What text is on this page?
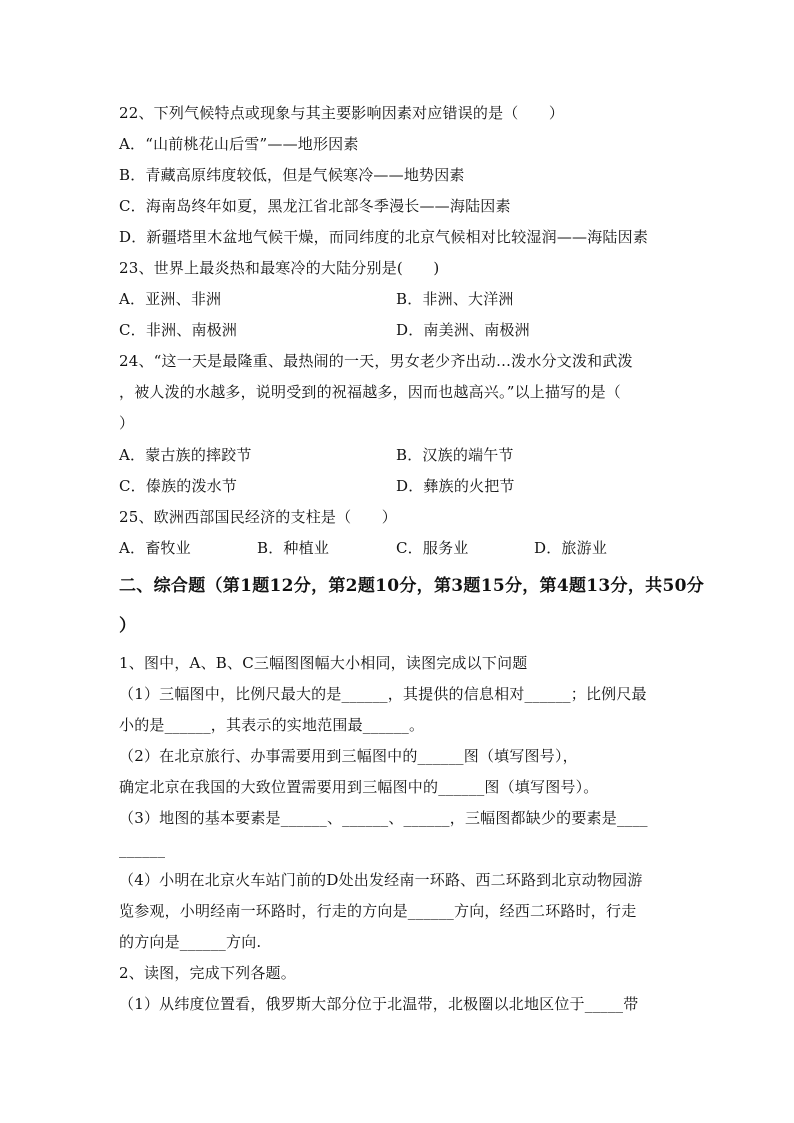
22、下列气候特点或现象与其主要影响因素对应错误的是（　　）
A．“山前桃花山后雪”——地形因素
B．青藏高原纬度较低，但是气候寒冷——地势因素
C．海南岛终年如夏，黑龙江省北部冬季漫长——海陆因素
D．新疆塔里木盆地气候干燥，而同纬度的北京气候相对比较湿润——海陆因素
23、世界上最炎热和最寒冷的大陆分别是(　　)
A．亚洲、非洲	B．非洲、大洋洲
C．非洲、南极洲	D．南美洲、南极洲
24、“这一天是最隆重、最热闹的一天，男女老少齐出动…泼水分文泼和武泼
，被人泼的水越多，说明受到的祝福越多，因而也越高兴。”以上描写的是（
）
A．蒙古族的摔跤节	B．汉族的端午节
C．傣族的泼水节	D．彝族的火把节
25、欧洲西部国民经济的支柱是（　　）
A．畜牧业	B．种植业	C．服务业	D．旅游业
二、综合题（第1题12分，第2题10分，第3题15分，第4题13分，共50分
）
1、图中，A、B、C三幅图图幅大小相同，读图完成以下问题
（1）三幅图中，比例尺最大的是______，其提供的信息相对______；比例尺最
小的是______，其表示的实地范围最______。
（2）在北京旅行、办事需要用到三幅图中的______图（填写图号），
确定北京在我国的大致位置需要用到三幅图中的______图（填写图号）。
（3）地图的基本要素是______、______、______，三幅图都缺少的要素是____
______
（4）小明在北京火车站门前的D处出发经南一环路、西二环路到北京动物园游
览参观，小明经南一环路时，行走的方向是______方向，经西二环路时，行走
的方向是______方向.
2、读图，完成下列各题。
（1）从纬度位置看，俄罗斯大部分位于北温带，北极圈以北地区位于_____带
